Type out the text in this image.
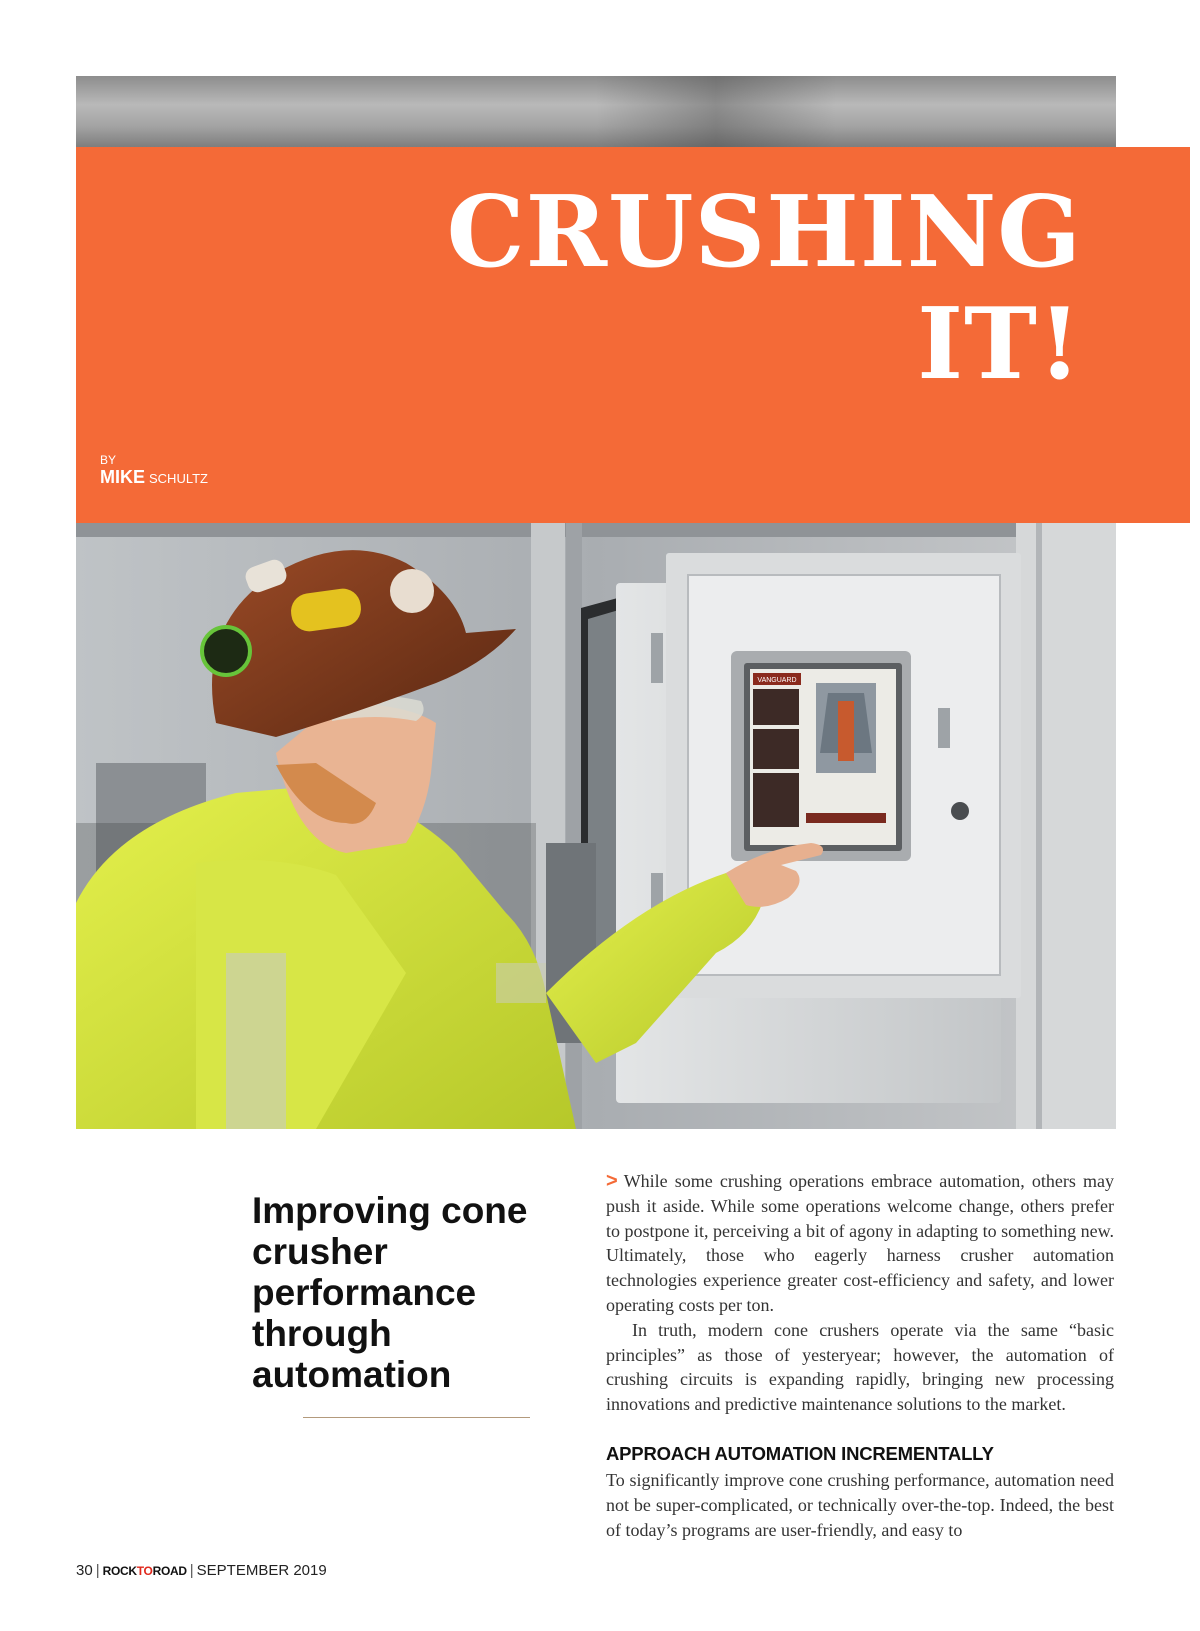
CRUSHING
IT!
BY
MIKE SCHULTZ
VANGUARD
Improving cone crusher performance through automation

> While some crushing operations embrace automation, others may push it aside. While some operations welcome change, others prefer to postpone it, perceiving a bit of agony in adapting to something new. Ultimately, those who eagerly harness crusher automation technologies experience greater cost-efficiency and safety, and lower operating costs per ton.

In truth, modern cone crushers operate via the same “basic principles” as those of yesteryear; however, the automation of crushing circuits is expanding rapidly, bringing new processing innovations and predictive maintenance solutions to the market.

APPROACH AUTOMATION INCREMENTALLY

To significantly improve cone crushing performance, automation need not be super-complicated, or technically over-the-top. Indeed, the best of today’s programs are user-friendly, and easy to

30 | ROCKTOROAD | SEPTEMBER 2019
